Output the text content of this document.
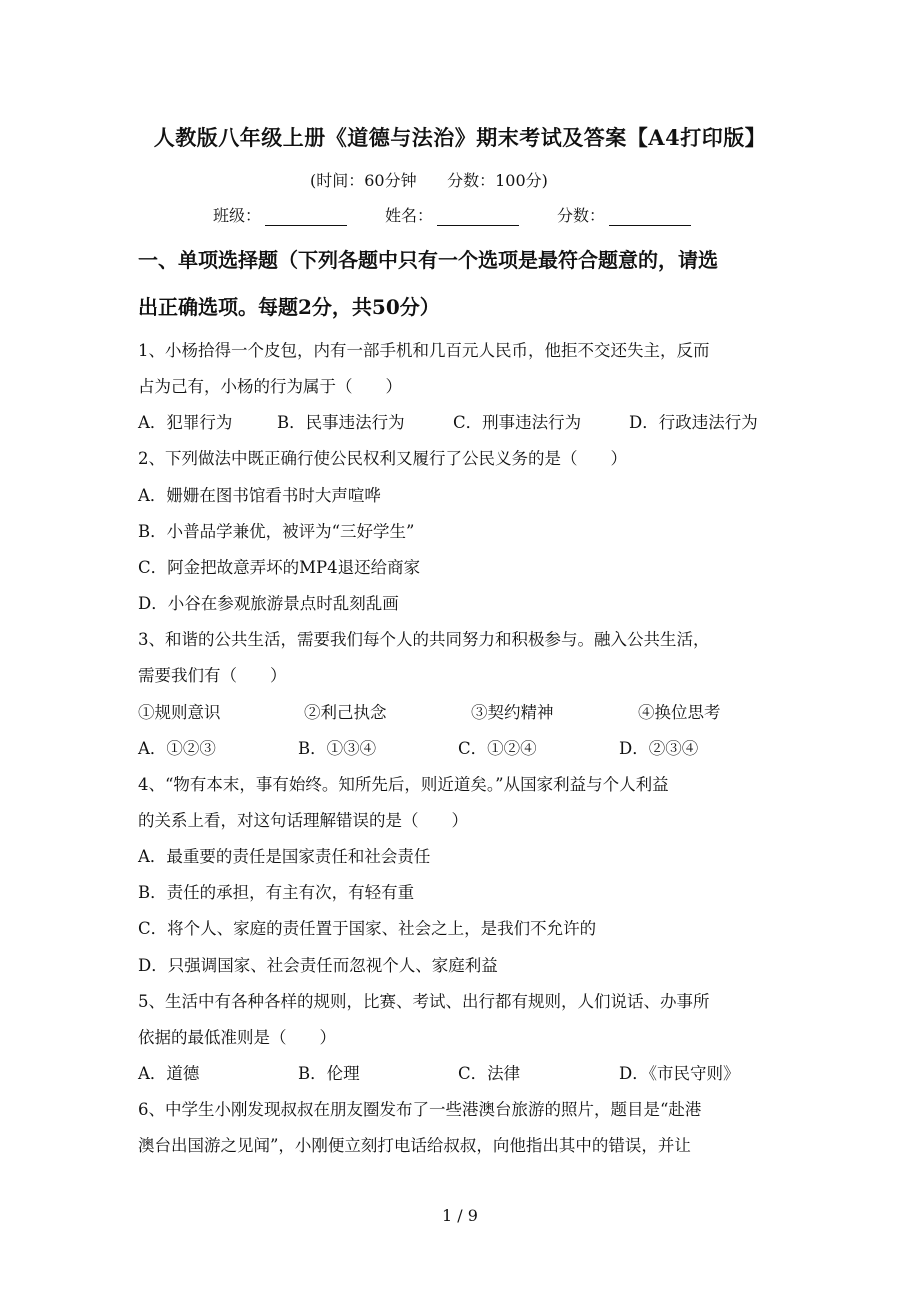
人教版八年级上册《道德与法治》期末考试及答案【A4打印版】
(时间：60分钟 分数：100分)
班级：	姓名：	分数：
一、单项选择题（下列各题中只有一个选项是最符合题意的，请选
出正确选项。每题2分，共50分）
1、小杨拾得一个皮包，内有一部手机和几百元人民币，他拒不交还失主，反而
占为己有，小杨的行为属于（　　）
A．犯罪行为	B．民事违法行为	C．刑事违法行为	D．行政违法行为
2、下列做法中既正确行使公民权利又履行了公民义务的是（　　）
A．姗姗在图书馆看书时大声喧哗
B．小普品学兼优，被评为“三好学生”
C．阿金把故意弄坏的MP4退还给商家
D．小谷在参观旅游景点时乱刻乱画
3、和谐的公共生活，需要我们每个人的共同努力和积极参与。融入公共生活，
需要我们有（　　）
①规则意识	②利己执念	③契约精神	④换位思考
A．①②③	B．①③④	C．①②④	D．②③④
4、“物有本末，事有始终。知所先后，则近道矣。”从国家利益与个人利益
的关系上看，对这句话理解错误的是（　　）
A．最重要的责任是国家责任和社会责任
B．责任的承担，有主有次，有轻有重
C．将个人、家庭的责任置于国家、社会之上，是我们不允许的
D．只强调国家、社会责任而忽视个人、家庭利益
5、生活中有各种各样的规则，比赛、考试、出行都有规则，人们说话、办事所
依据的最低准则是（　　）
A．道德	B．伦理	C．法律	D．《市民守则》
6、中学生小刚发现叔叔在朋友圈发布了一些港澳台旅游的照片，题目是“赴港
澳台出国游之见闻”，小刚便立刻打电话给叔叔，向他指出其中的错误，并让
1 / 9
